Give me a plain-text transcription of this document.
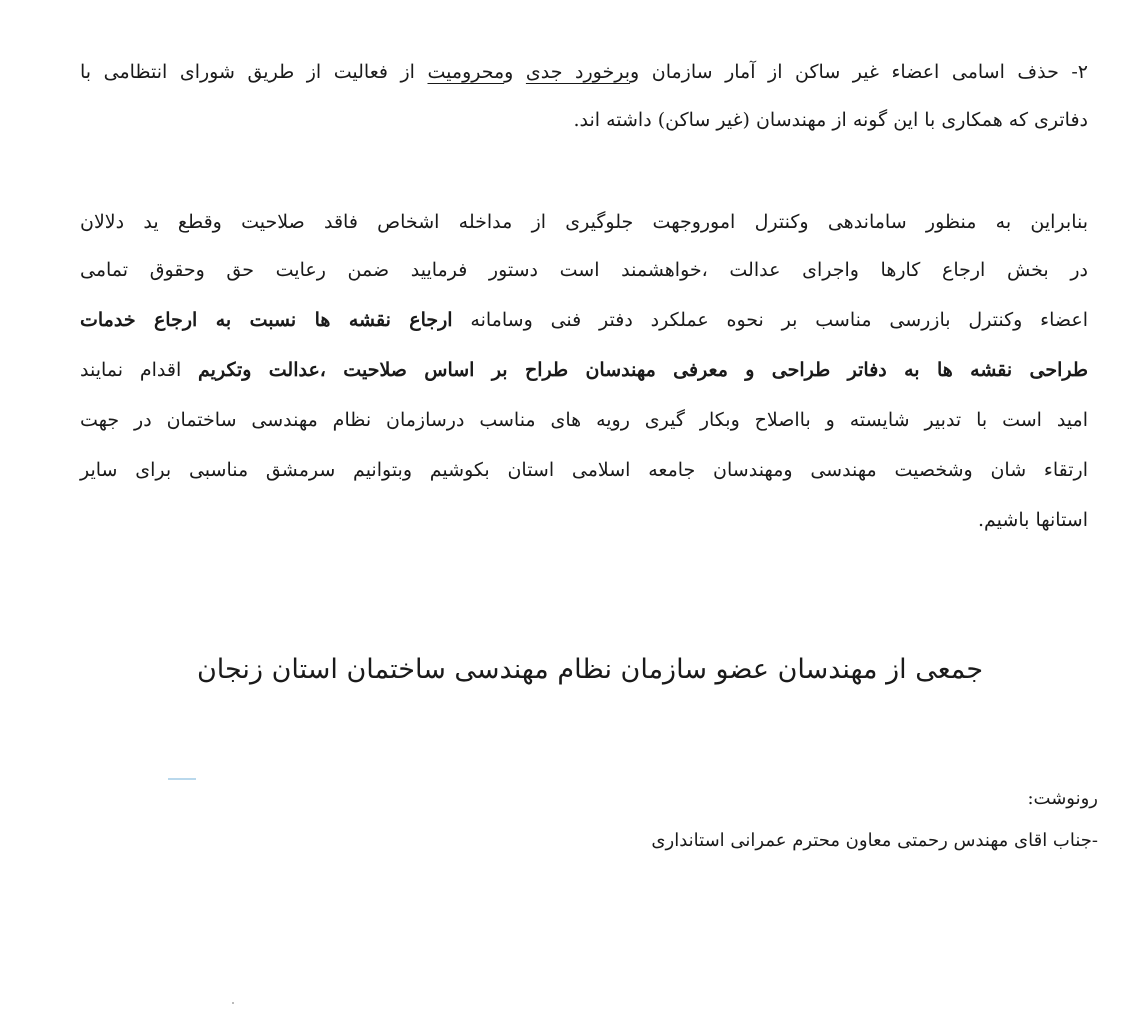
۲- حذف اسامی اعضاء غیر ساکن از آمار سازمان وبرخورد جدی ومحرومیت از فعالیت از طریق شورای انتظامی با
دفاتری که همکاری با این گونه از مهندسان (غیر ساکن) داشته اند.
بنابراین به منظور ساماندهی وکنترل اموروجهت جلوگیری از مداخله اشخاص فاقد صلاحیت وقطع ید دلالان
در بخش ارجاع کارها واجرای عدالت ،خواهشمند است دستور فرمایید ضمن رعایت حق وحقوق تمامی
اعضاء وکنترل بازرسی مناسب بر نحوه عملکرد دفتر فنی وسامانه ارجاع نقشه ها نسبت به ارجاع خدمات
طراحی نقشه ها به دفاتر طراحی و معرفی مهندسان طراح بر اساس صلاحیت ،عدالت وتکریم اقدام نمایند
امید است با تدبیر شایسته و بااصلاح وبکار گیری رویه های مناسب درسازمان نظام مهندسی ساختمان در جهت
ارتقاء شان وشخصیت مهندسی ومهندسان جامعه اسلامی استان بکوشیم وبتوانیم سرمشق مناسبی برای سایر
استانها باشیم.
جمعی از مهندسان عضو سازمان نظام مهندسی ساختمان استان زنجان
رونوشت:
-جناب اقای مهندس رحمتی معاون محترم عمرانی استانداری
